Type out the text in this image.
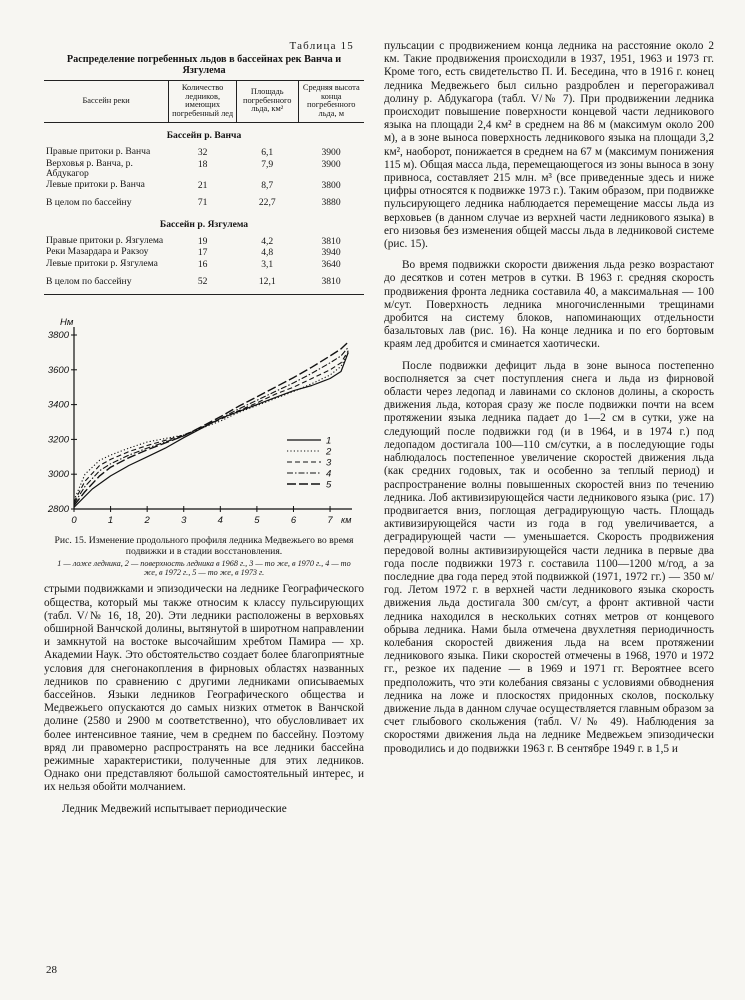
Таблица 15
Распределение погребенных льдов в бассейнах рек Ванча и Язгулема
Бассейн реки	Количество ледников, имеющих погребенный лед	Площадь погребенного льда, км²	Средняя высота конца погребенного льда, м
Бассейн р. Ванча			
Правые притоки р. Ванча	32	6,1	3900
Верховья р. Ванча, р. Абдукагор	18	7,9	3900
Левые притоки р. Ванча	21	8,7	3800
В целом по бассейну	71	22,7	3880
Бассейн р. Язгулема			
Правые притоки р. Язгулема	19	4,2	3810
Реки Мазардара и Ракзоу	17	4,8	3940
Левые притоки р. Язгулема	16	3,1	3640
В целом по бассейну	52	12,1	3810
2800
3000
3200
3400
3600
3800
0	1	2	3	4	5	6	7
Нм
км
1
2
3
4
5
Рис. 15. Изменение продольного профиля ледника Медвежьего во время подвижки и в стадии восстановления.
1 — ложе ледника, 2 — поверхность ледника в 1968 г., 3 — то же, в 1970 г., 4 — то же, в 1972 г., 5 — то же, в 1973 г.

стрыми подвижками и эпизодически на леднике Географического общества, который мы также относим к классу пульсирующих (табл. V/№ 16, 18, 20). Эти ледники расположены в верховьях обширной Ванчской долины, вытянутой в широтном направлении и замкнутой на востоке высочайшим хребтом Памира — хр. Академии Наук. Это обстоятельство создает более благоприятные условия для снегонакопления в фирновых областях названных ледников по сравнению с другими ледниками описываемых бассейнов. Языки ледников Географического общества и Медвежьего опускаются до самых низких отметок в Ванчской долине (2580 и 2900 м соответственно), что обусловливает их более интенсивное таяние, чем в среднем по бассейну. Поэтому вряд ли правомерно распространять на все ледники бассейна режимные характеристики, полученные для этих ледников. Однако они представляют большой самостоятельный интерес, и их нельзя обойти молчанием.

Ледник Медвежий испытывает периодические

пульсации с продвижением конца ледника на расстояние около 2 км. Такие продвижения происходили в 1937, 1951, 1963 и 1973 гг. Кроме того, есть свидетельство П. И. Беседина, что в 1916 г. конец ледника Медвежьего был сильно раздроблен и перегораживал долину р. Абдукагора (табл. V/№ 7). При продвижении ледника происходит повышение поверхности концевой части ледникового языка на площади 2,4 км² в среднем на 86 м (максимум около 200 м), а в зоне выноса поверхность ледникового языка на площади 3,2 км², наоборот, понижается в среднем на 67 м (максимум понижения 115 м). Общая масса льда, перемещающегося из зоны выноса в зону привноса, составляет 215 млн. м³ (все приведенные здесь и ниже цифры относятся к подвижке 1973 г.). Таким образом, при подвижке пульсирующего ледника наблюдается перемещение массы льда из верховьев (в данном случае из верхней части ледникового языка) в его низовья без изменения общей массы льда в ледниковой системе (рис. 15).

Во время подвижки скорости движения льда резко возрастают до десятков и сотен метров в сутки. В 1963 г. средняя скорость продвижения фронта ледника составила 40, а максимальная — 100 м/сут. Поверхность ледника многочисленными трещинами дробится на систему блоков, напоминающих отдельности базальтовых лав (рис. 16). На конце ледника и по его бортовым краям лед дробится и сминается хаотически.

После подвижки дефицит льда в зоне выноса постепенно восполняется за счет поступления снега и льда из фирновой области через ледопад и лавинами со склонов долины, а скорость движения льда, которая сразу же после подвижки почти на всем протяжении языка ледника падает до 1—2 см в сутки, уже на следующий после подвижки год (и в 1964, и в 1974 г.) под ледопадом достигала 100—110 см/сутки, а в последующие годы наблюдалось постепенное увеличение скоростей движения льда (как средних годовых, так и особенно за теплый период) и распространение волны повышенных скоростей вниз по течению ледника. Лоб активизирующейся части ледникового языка (рис. 17) продвигается вниз, поглощая деградирующую часть. Площадь активизирующейся части из года в год увеличивается, а деградирующей части — уменьшается. Скорость продвижения передовой волны активизирующейся части ледника в первые два года после подвижки 1973 г. составила 1100—1200 м/год, а за последние два года перед этой подвижкой (1971, 1972 гг.) — 350 м/год. Летом 1972 г. в верхней части ледникового языка скорость движения льда достигала 300 см/сут, а фронт активной части ледника находился в нескольких сотнях метров от концевого обрыва ледника. Нами была отмечена двухлетняя периодичность колебания скоростей движения льда на всем протяжении ледникового языка. Пики скоростей отмечены в 1968, 1970 и 1972 гг., резкое их падение — в 1969 и 1971 гг. Вероятнее всего предположить, что эти колебания связаны с условиями обводнения ледника на ложе и плоскостях придонных сколов, поскольку движение льда в данном случае осуществляется главным образом за счет глыбового скольжения (табл. V/№ 49). Наблюдения за скоростями движения льда на леднике Медвежьем эпизодически проводились и до подвижки 1963 г. В сентябре 1949 г. в 1,5 и

28
